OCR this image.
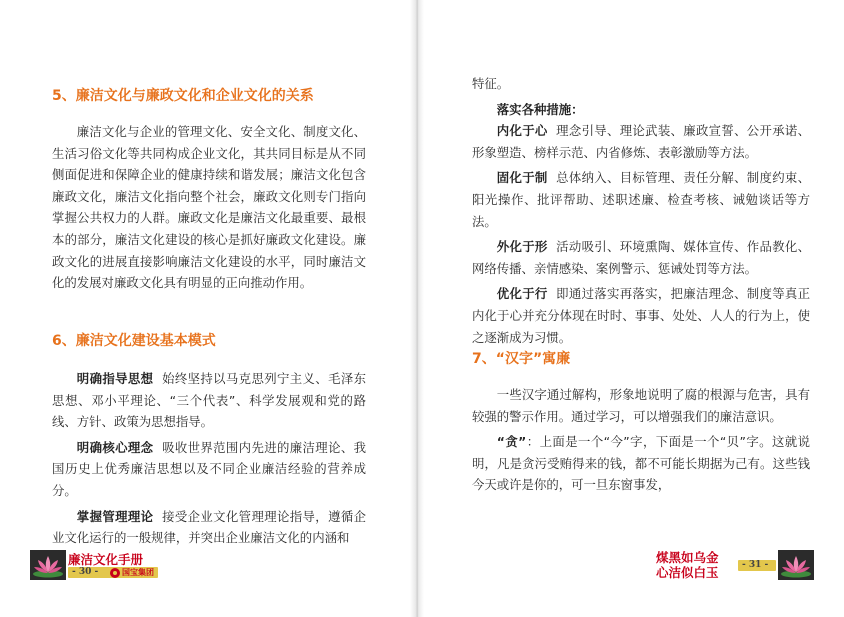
5、廉洁文化与廉政文化和企业文化的关系

廉洁文化与企业的管理文化、安全文化、制度文化、生活习俗文化等共同构成企业文化，其共同目标是从不同侧面促进和保障企业的健康持续和谐发展；廉洁文化包含廉政文化，廉洁文化指向整个社会，廉政文化则专门指向掌握公共权力的人群。廉政文化是廉洁文化最重要、最根本的部分，廉洁文化建设的核心是抓好廉政文化建设。廉政文化的进展直接影响廉洁文化建设的水平，同时廉洁文化的发展对廉政文化具有明显的正向推动作用。

6、廉洁文化建设基本模式

明确指导思想 始终坚持以马克思列宁主义、毛泽东思想、邓小平理论、“三个代表”、科学发展观和党的路线、方针、政策为思想指导。

明确核心理念 吸收世界范围内先进的廉洁理论、我国历史上优秀廉洁思想以及不同企业廉洁经验的营养成分。

掌握管理理论 接受企业文化管理理论指导，遵循企业文化运行的一般规律，并突出企业廉洁文化的内涵和

廉洁文化手册
- 30 -	国宝集团

特征。

落实各种措施：

内化于心 理念引导、理论武装、廉政宣誓、公开承诺、形象塑造、榜样示范、内省修炼、表彰激励等方法。

固化于制 总体纳入、目标管理、责任分解、制度约束、阳光操作、批评帮助、述职述廉、检查考核、诫勉谈话等方法。

外化于形 活动吸引、环境熏陶、媒体宣传、作品教化、网络传播、亲情感染、案例警示、惩诫处罚等方法。

优化于行 即通过落实再落实，把廉洁理念、制度等真正内化于心并充分体现在时时、事事、处处、人人的行为上，使之逐渐成为习惯。

7、“汉字”寓廉

一些汉字通过解构，形象地说明了腐的根源与危害，具有较强的警示作用。通过学习，可以增强我们的廉洁意识。

“贪”：上面是一个“今”字，下面是一个“贝”字。这就说明，凡是贪污受贿得来的钱，都不可能长期据为己有。这些钱今天或许是你的，可一旦东窗事发，

煤黑如乌金
心洁似白玉	- 31 -
